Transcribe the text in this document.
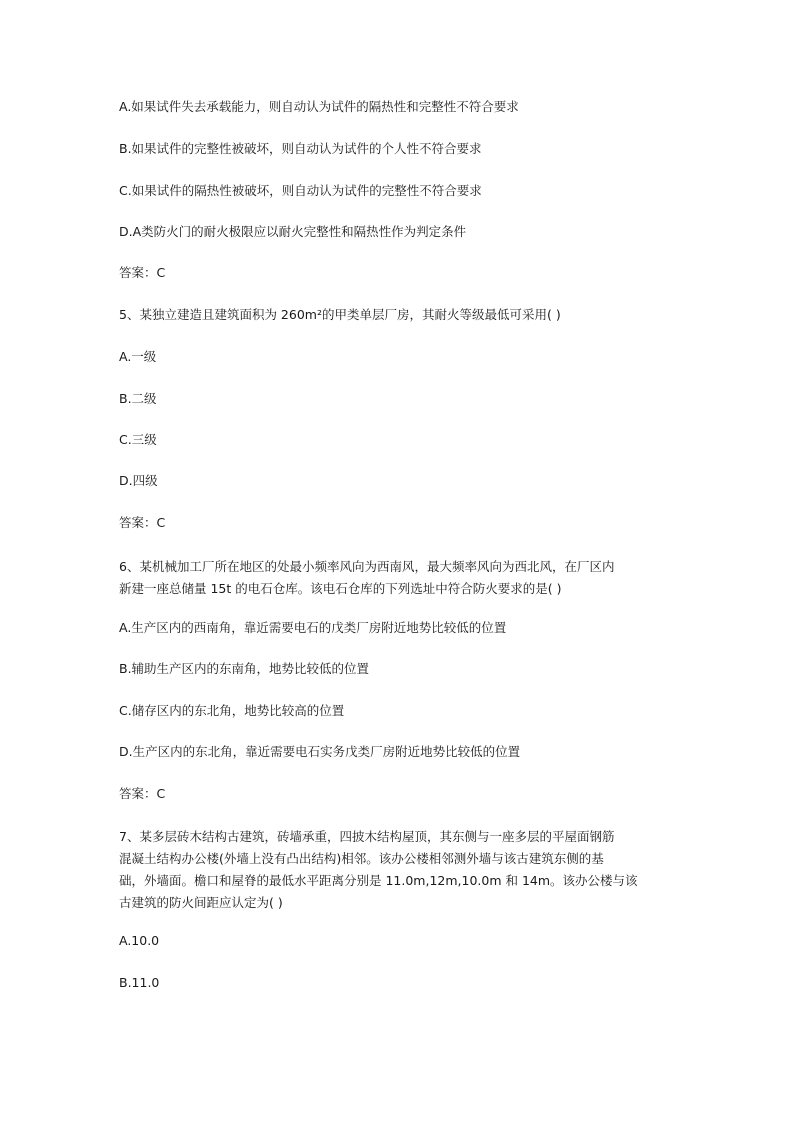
A.如果试件失去承载能力，则自动认为试件的隔热性和完整性不符合要求
B.如果试件的完整性被破坏，则自动认为试件的个人性不符合要求
C.如果试件的隔热性被破坏，则自动认为试件的完整性不符合要求
D.A类防火门的耐火极限应以耐火完整性和隔热性作为判定条件
答案：C
5、某独立建造且建筑面积为 260m²的甲类单层厂房，其耐火等级最低可采用( )
A.一级
B.二级
C.三级
D.四级
答案：C
6、某机械加工厂所在地区的处最小频率风向为西南风，最大频率风向为西北风，在厂区内
新建一座总储量 15t 的电石仓库。该电石仓库的下列选址中符合防火要求的是( )
A.生产区内的西南角，靠近需要电石的戊类厂房附近地势比较低的位置
B.辅助生产区内的东南角，地势比较低的位置
C.储存区内的东北角，地势比较高的位置
D.生产区内的东北角，靠近需要电石实务戊类厂房附近地势比较低的位置
答案：C
7、某多层砖木结构古建筑，砖墙承重，四披木结构屋顶，其东侧与一座多层的平屋面钢筋
混凝土结构办公楼(外墙上没有凸出结构)相邻。该办公楼相邻测外墙与该古建筑东侧的基
础，外墙面。檐口和屋脊的最低水平距离分别是 11.0m,12m,10.0m 和 14m。该办公楼与该
古建筑的防火间距应认定为( )
A.10.0
B.11.0
